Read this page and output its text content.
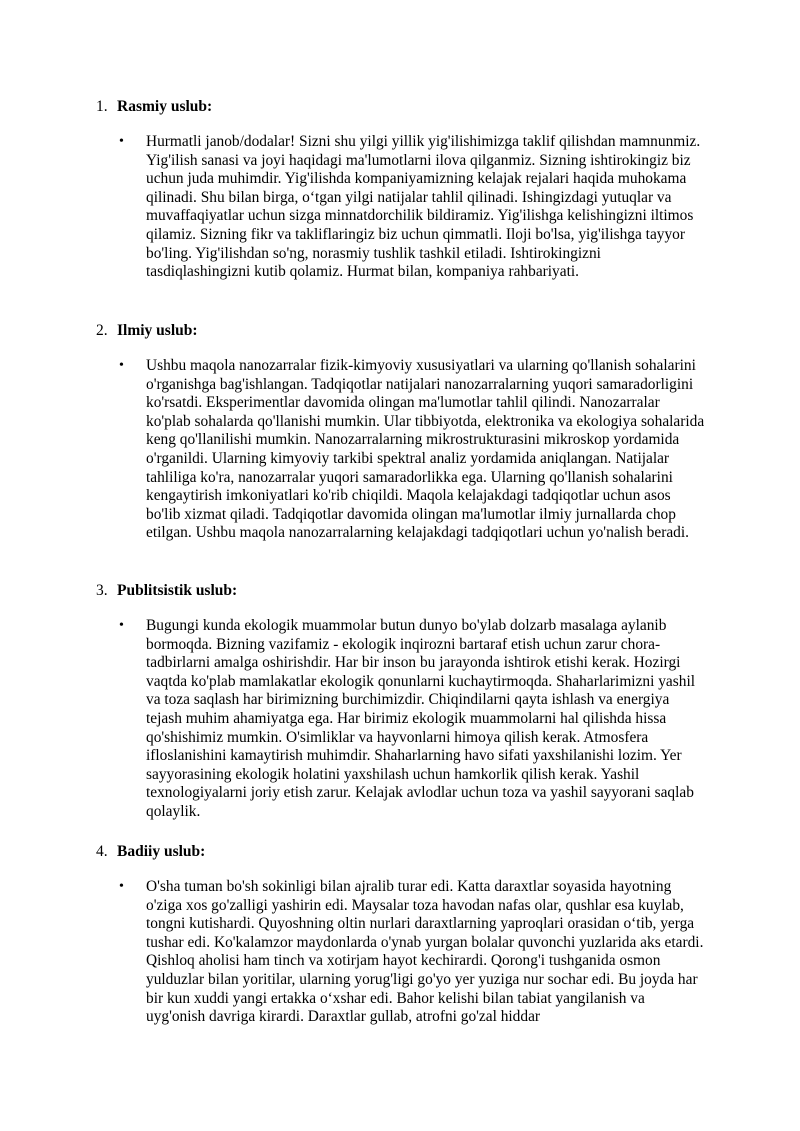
1. Rasmiy uslub:
• Hurmatli janob/dodalar! Sizni shu yilgi yillik yig'ilishimizga taklif qilishdan mamnunmiz. Yig'ilish sanasi va joyi haqidagi ma'lumotlarni ilova qilganmiz. Sizning ishtirokingiz biz uchun juda muhimdir. Yig'ilishda kompaniyamizning kelajak rejalari haqida muhokama qilinadi. Shu bilan birga, o‘tgan yilgi natijalar tahlil qilinadi. Ishingizdagi yutuqlar va muvaffaqiyatlar uchun sizga minnatdorchilik bildiramiz. Yig'ilishga kelishingizni iltimos qilamiz. Sizning fikr va takliflaringiz biz uchun qimmatli. Iloji bo'lsa, yig'ilishga tayyor bo'ling. Yig'ilishdan so'ng, norasmiy tushlik tashkil etiladi. Ishtirokingizni tasdiqlashingizni kutib qolamiz. Hurmat bilan, kompaniya rahbariyati.

2. Ilmiy uslub:
• Ushbu maqola nanozarralar fizik-kimyoviy xususiyatlari va ularning qo'llanish sohalarini o'rganishga bag'ishlangan. Tadqiqotlar natijalari nanozarralarning yuqori samaradorligini ko'rsatdi. Eksperimentlar davomida olingan ma'lumotlar tahlil qilindi. Nanozarralar ko'plab sohalarda qo'llanishi mumkin. Ular tibbiyotda, elektronika va ekologiya sohalarida keng qo'llanilishi mumkin. Nanozarralarning mikrostrukturasini mikroskop yordamida o'rganildi. Ularning kimyoviy tarkibi spektral analiz yordamida aniqlangan. Natijalar tahliliga ko'ra, nanozarralar yuqori samaradorlikka ega. Ularning qo'llanish sohalarini kengaytirish imkoniyatlari ko'rib chiqildi. Maqola kelajakdagi tadqiqotlar uchun asos bo'lib xizmat qiladi. Tadqiqotlar davomida olingan ma'lumotlar ilmiy jurnallarda chop etilgan. Ushbu maqola nanozarralarning kelajakdagi tadqiqotlari uchun yo'nalish beradi.

3. Publitsistik uslub:
• Bugungi kunda ekologik muammolar butun dunyo bo'ylab dolzarb masalaga aylanib bormoqda. Bizning vazifamiz - ekologik inqirozni bartaraf etish uchun zarur chora-tadbirlarni amalga oshirishdir. Har bir inson bu jarayonda ishtirok etishi kerak. Hozirgi vaqtda ko'plab mamlakatlar ekologik qonunlarni kuchaytirmoqda. Shaharlarimizni yashil va toza saqlash har birimizning burchimizdir. Chiqindilarni qayta ishlash va energiya tejash muhim ahamiyatga ega. Har birimiz ekologik muammolarni hal qilishda hissa qo'shishimiz mumkin. O'simliklar va hayvonlarni himoya qilish kerak. Atmosfera ifloslanishini kamaytirish muhimdir. Shaharlarning havo sifati yaxshilanishi lozim. Yer sayyorasining ekologik holatini yaxshilash uchun hamkorlik qilish kerak. Yashil texnologiyalarni joriy etish zarur. Kelajak avlodlar uchun toza va yashil sayyorani saqlab qolaylik.

4. Badiiy uslub:
• O'sha tuman bo'sh sokinligi bilan ajralib turar edi. Katta daraxtlar soyasida hayotning o'ziga xos go'zalligi yashirin edi. Maysalar toza havodan nafas olar, qushlar esa kuylab, tongni kutishardi. Quyoshning oltin nurlari daraxtlarning yaproqlari orasidan o‘tib, yerga tushar edi. Ko'kalamzor maydonlarda o'ynab yurgan bolalar quvonchi yuzlarida aks etardi. Qishloq aholisi ham tinch va xotirjam hayot kechirardi. Qorong'i tushganida osmon yulduzlar bilan yoritilar, ularning yorug'ligi go'yo yer yuziga nur sochar edi. Bu joyda har bir kun xuddi yangi ertakka o‘xshar edi. Bahor kelishi bilan tabiat yangilanish va uyg'onish davriga kirardi. Daraxtlar gullab, atrofni go'zal hiddar
